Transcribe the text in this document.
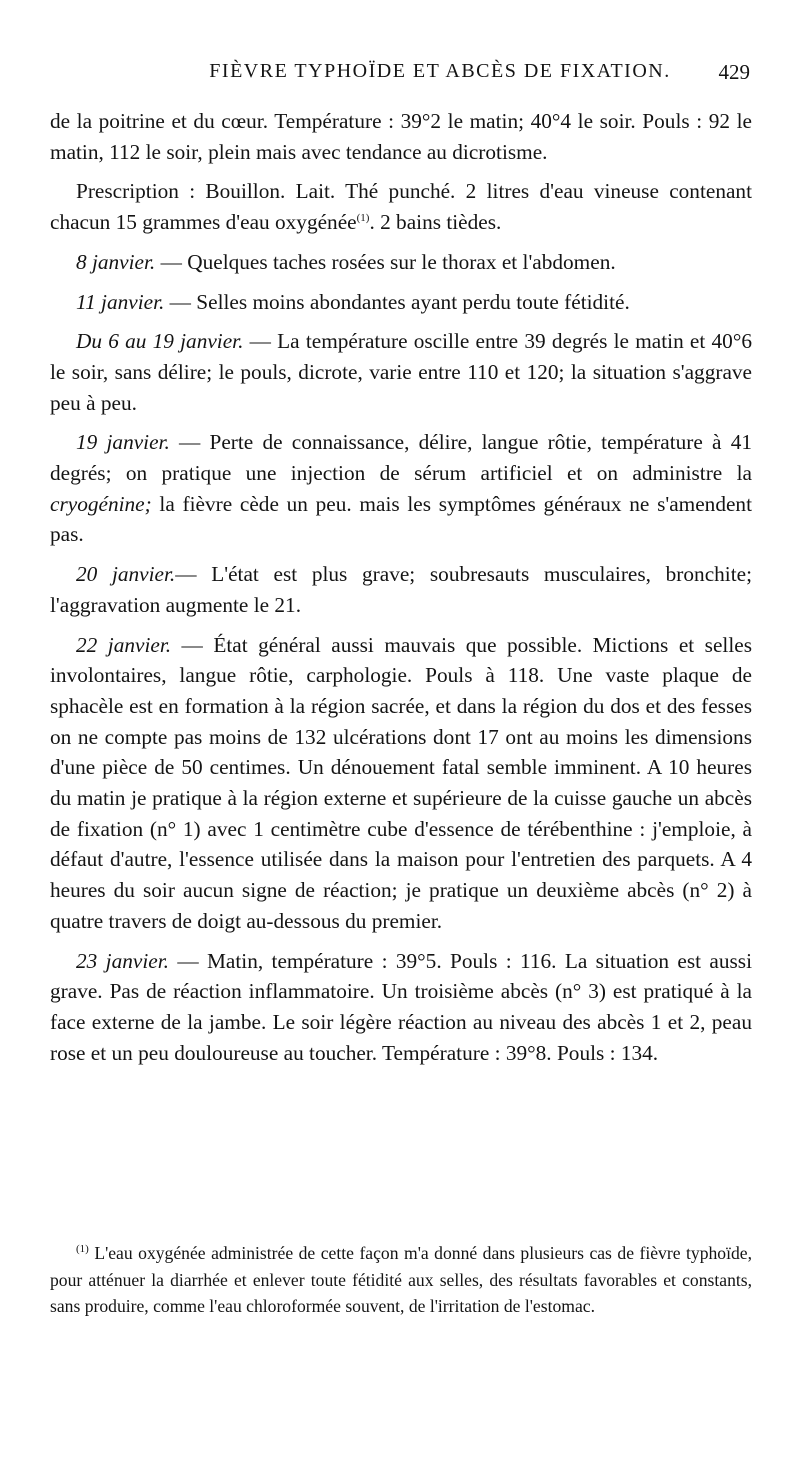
FIÈVRE TYPHOÏDE ET ABCÈS DE FIXATION.	429

de la poitrine et du cœur. Température : 39°2 le matin; 40°4 le soir. Pouls : 92 le matin, 112 le soir, plein mais avec tendance au dicrotisme.

Prescription : Bouillon. Lait. Thé punché. 2 litres d'eau vineuse contenant chacun 15 grammes d'eau oxygénée$^{(1)}$. 2 bains tièdes.

8 janvier. — Quelques taches rosées sur le thorax et l'abdomen.

11 janvier. — Selles moins abondantes ayant perdu toute fétidité.

Du 6 au 19 janvier. — La température oscille entre 39 degrés le matin et 40°6 le soir, sans délire; le pouls, dicrote, varie entre 110 et 120; la situation s'aggrave peu à peu.

19 janvier. — Perte de connaissance, délire, langue rôtie, température à 41 degrés; on pratique une injection de sérum artificiel et on administre la cryogénine; la fièvre cède un peu. mais les symptômes généraux ne s'amendent pas.

20 janvier.— L'état est plus grave; soubresauts musculaires, bronchite; l'aggravation augmente le 21.

22 janvier. — État général aussi mauvais que possible. Mictions et selles involontaires, langue rôtie, carphologie. Pouls à 118. Une vaste plaque de sphacèle est en formation à la région sacrée, et dans la région du dos et des fesses on ne compte pas moins de 132 ulcérations dont 17 ont au moins les dimensions d'une pièce de 50 centimes. Un dénouement fatal semble imminent. A 10 heures du matin je pratique à la région externe et supérieure de la cuisse gauche un abcès de fixation (n° 1) avec 1 centimètre cube d'essence de térébenthine : j'emploie, à défaut d'autre, l'essence utilisée dans la maison pour l'entretien des parquets. A 4 heures du soir aucun signe de réaction; je pratique un deuxième abcès (n° 2) à quatre travers de doigt au-dessous du premier.

23 janvier. — Matin, température : 39°5. Pouls : 116. La situation est aussi grave. Pas de réaction inflammatoire. Un troisième abcès (n° 3) est pratiqué à la face externe de la jambe. Le soir légère réaction au niveau des abcès 1 et 2, peau rose et un peu douloureuse au toucher. Température : 39°8. Pouls : 134.

$^{(1)}$ L'eau oxygénée administrée de cette façon m'a donné dans plusieurs cas de fièvre typhoïde, pour atténuer la diarrhée et enlever toute fétidité aux selles, des résultats favorables et constants, sans produire, comme l'eau chloroformée souvent, de l'irritation de l'estomac.
